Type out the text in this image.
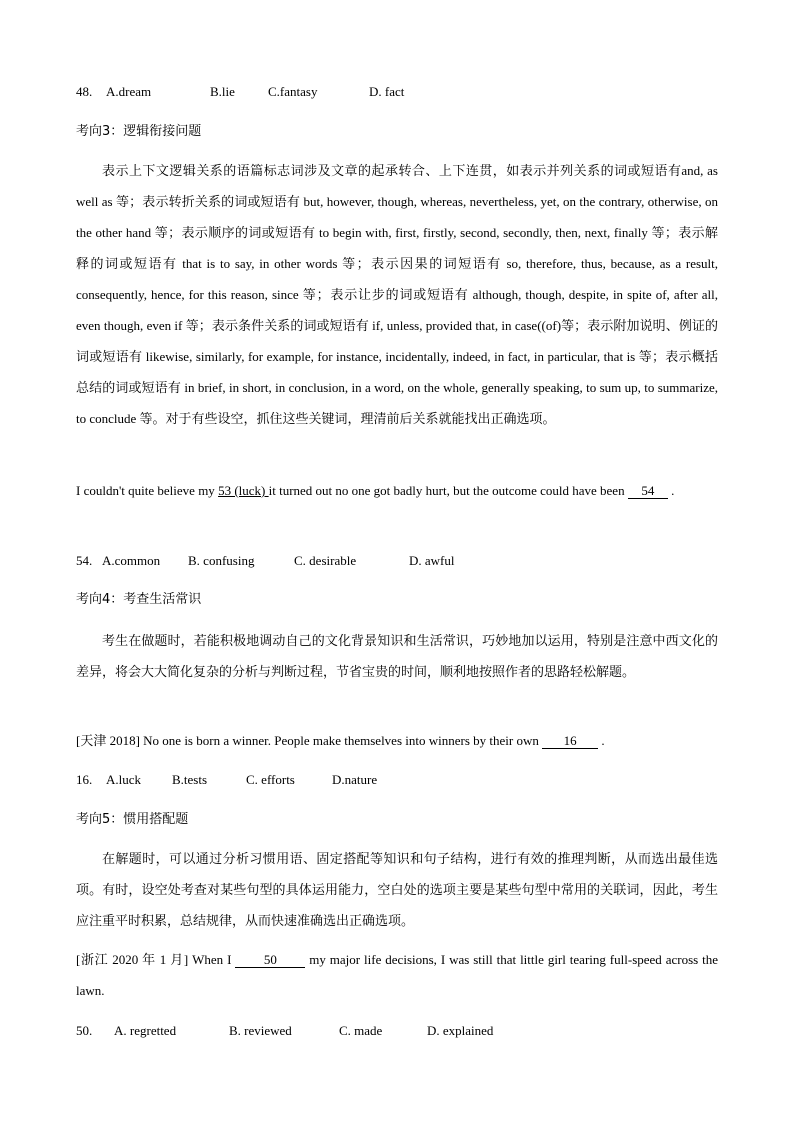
48. A.dream	B.lie	C.fantasy	D. fact
考向3：逻辑衔接问题

表示上下文逻辑关系的语篇标志词涉及文章的起承转合、上下连贯，如表示并列关系的词或短语有and, as well as 等；表示转折关系的词或短语有 but, however, though, whereas, nevertheless, yet, on the contrary, otherwise, on the other hand 等；表示顺序的词或短语有 to begin with, first, firstly, second, secondly, then, next, finally 等；表示解释的词或短语有 that is to say, in other words 等；表示因果的词短语有 so, therefore, thus, because, as a result, consequently, hence, for this reason, since 等；表示让步的词或短语有 although, though, despite, in spite of, after all, even though, even if 等；表示条件关系的词或短语有 if, unless, provided that, in case((of)等；表示附加说明、例证的词或短语有 likewise, similarly, for example, for instance, incidentally, indeed, in fact, in particular, that is 等；表示概括总结的词或短语有 in brief, in short, in conclusion, in a word, on the whole, generally speaking, to sum up, to summarize, to conclude 等。对于有些设空，抓住这些关键词，理清前后关系就能找出正确选项。

I couldn't quite believe my 53 (luck) it turned out no one got badly hurt, but the outcome could have been 54 .
54. A.common B. confusing	C. desirable	D. awful
考向4：考查生活常识

考生在做题时，若能积极地调动自己的文化背景知识和生活常识，巧妙地加以运用，特别是注意中西文化的差异，将会大大简化复杂的分析与判断过程，节省宝贵的时间，顺利地按照作者的思路轻松解题。

[天津 2018] No one is born a winner. People make themselves into winners by their own 16 .
16. A.luck B.tests	C. efforts	D.nature
考向5：惯用搭配题

在解题时，可以通过分析习惯用语、固定搭配等知识和句子结构，进行有效的推理判断，从而选出最佳选项。有时，设空处考查对某些句型的具体运用能力，空白处的选项主要是某些句型中常用的关联词，因此，考生应注重平时积累，总结规律，从而快速准确选出正确选项。

[浙江 2020 年 1 月] When I 50 my major life decisions, I was still that little girl tearing full-speed across the lawn.

50. A. regretted	B. reviewed	C. made	D. explained
